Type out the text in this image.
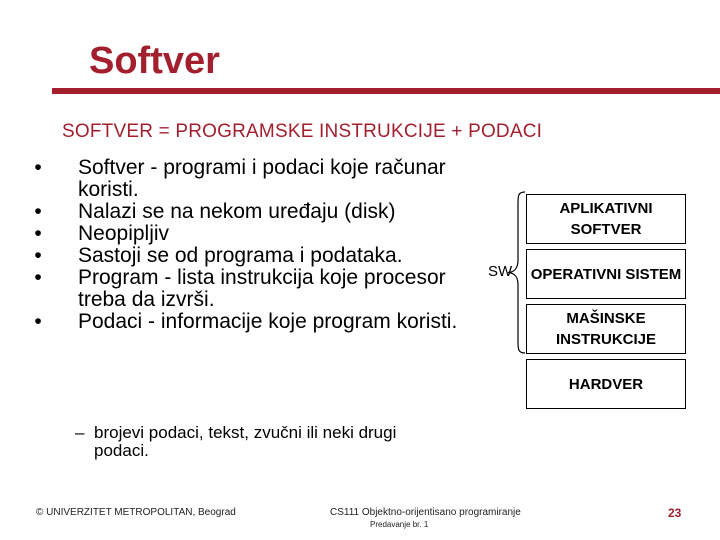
Softver
SOFTVER = PROGRAMSKE INSTRUKCIJE + PODACI
•	Softver - programi i podaci koje računar koristi.
•	Nalazi se na nekom uređaju (disk)
•	Neopipljiv
•	Sastoji se od programa i podataka.
•	Program - lista instrukcija koje procesor treba da izvrši.
•	Podaci - informacije koje program koristi.
– brojevi podaci, tekst, zvučni ili neki drugi podaci.
SW
APLIKATIVNI SOFTVER
OPERATIVNI SISTEM
MAŠINSKE INSTRUKCIJE
HARDVER
© UNIVERZITET METROPOLITAN, Beograd	CS111 Objektno-orijentisano programiranje
Predavanje br. 1
23
